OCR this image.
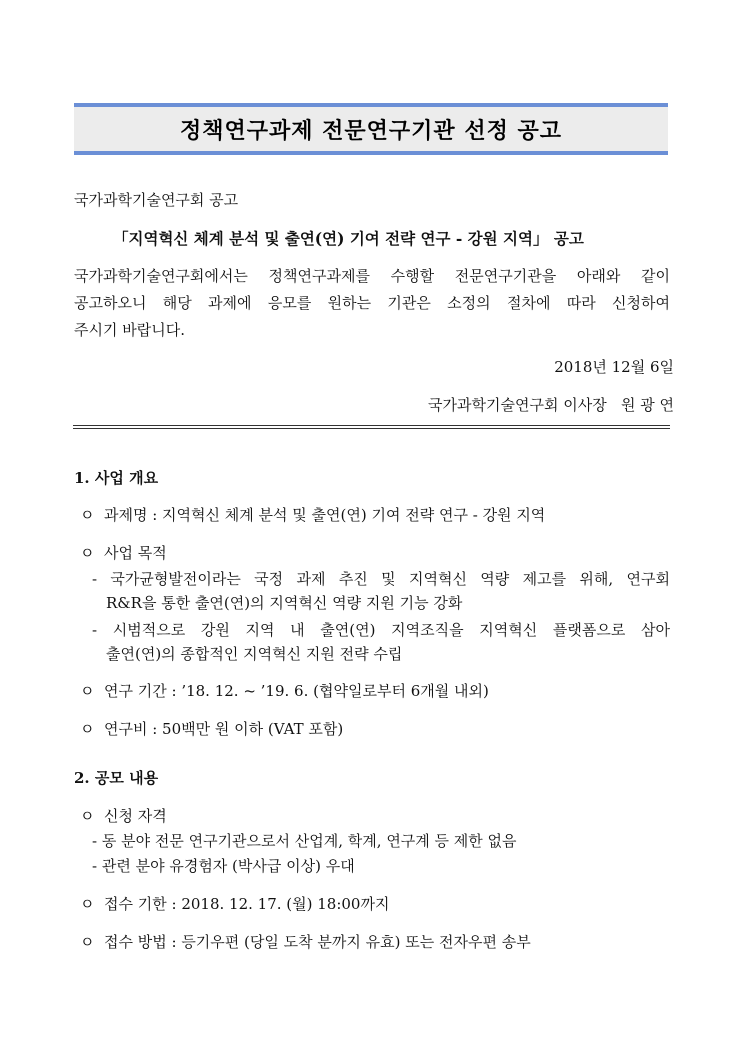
정책연구과제 전문연구기관 선정 공고
국가과학기술연구회 공고
「지역혁신 체계 분석 및 출연(연) 기여 전략 연구 - 강원 지역」 공고
국가과학기술연구회에서는 정책연구과제를 수행할 전문연구기관을 아래와 같이
공고하오니 해당 과제에 응모를 원하는 기관은 소정의 절차에 따라 신청하여
주시기 바랍니다.
2018년 12월 6일
국가과학기술연구회 이사장   원 광 연
1. 사업 개요
ㅇ 과제명 : 지역혁신 체계 분석 및 출연(연) 기여 전략 연구 - 강원 지역
ㅇ 사업 목적
- 국가균형발전이라는 국정 과제 추진 및 지역혁신 역량 제고를 위해, 연구회
R&R을 통한 출연(연)의 지역혁신 역량 지원 기능 강화
- 시범적으로 강원 지역 내 출연(연) 지역조직을 지역혁신 플랫폼으로 삼아
출연(연)의 종합적인 지역혁신 지원 전략 수립
ㅇ 연구 기간 : ’18. 12. ~ ’19. 6. (협약일로부터 6개월 내외)
ㅇ 연구비 : 50백만 원 이하 (VAT 포함)
2. 공모 내용
ㅇ 신청 자격
- 동 분야 전문 연구기관으로서 산업계, 학계, 연구계 등 제한 없음
- 관련 분야 유경험자 (박사급 이상) 우대
ㅇ 접수 기한 : 2018. 12. 17. (월) 18:00까지
ㅇ 접수 방법 : 등기우편 (당일 도착 분까지 유효) 또는 전자우편 송부
